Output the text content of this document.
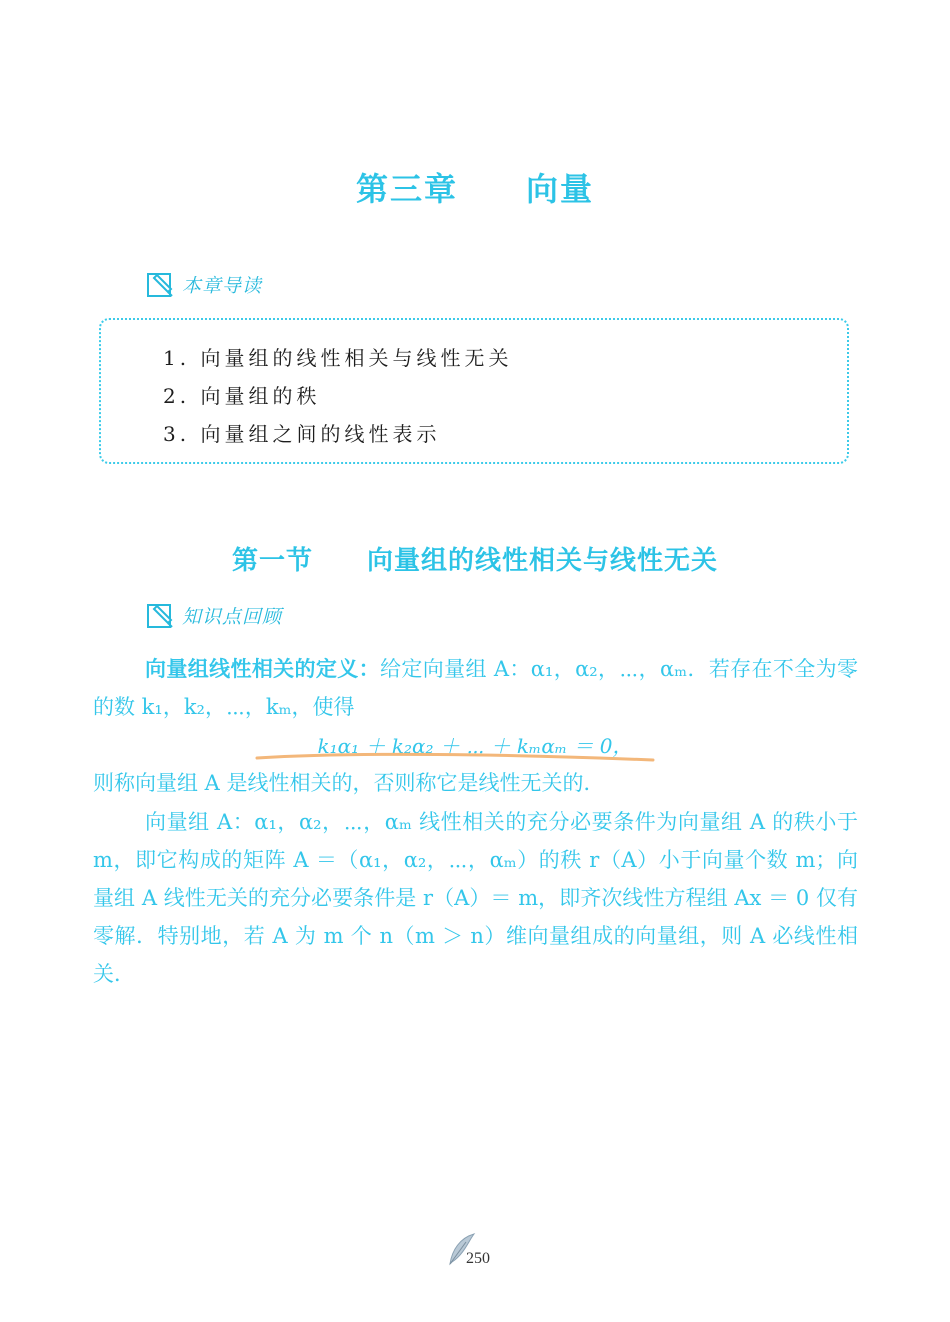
第三章　　向量
本章导读
1. 向量组的线性相关与线性无关
2. 向量组的秩
3. 向量组之间的线性表示
第一节　　向量组的线性相关与线性无关
知识点回顾
向量组线性相关的定义：给定向量组 A：α₁，α₂，⋯，αₘ．若存在不全为零的数 k₁，k₂，⋯，kₘ，使得
k₁α₁ ＋ k₂α₂ ＋ ⋯ ＋ kₘαₘ ＝ 0，
则称向量组 A 是线性相关的，否则称它是线性无关的．
向量组 A：α₁，α₂，⋯，αₘ 线性相关的充分必要条件为向量组 A 的秩小于 m，即它构成的矩阵 A ＝（α₁，α₂，⋯，αₘ）的秩 r（A）小于向量个数 m；向量组 A 线性无关的充分必要条件是 r（A）＝ m，即齐次线性方程组 Ax ＝ 0 仅有零解．特别地，若 A 为 m 个 n（m ＞ n）维向量组成的向量组，则 A 必线性相关．
250
